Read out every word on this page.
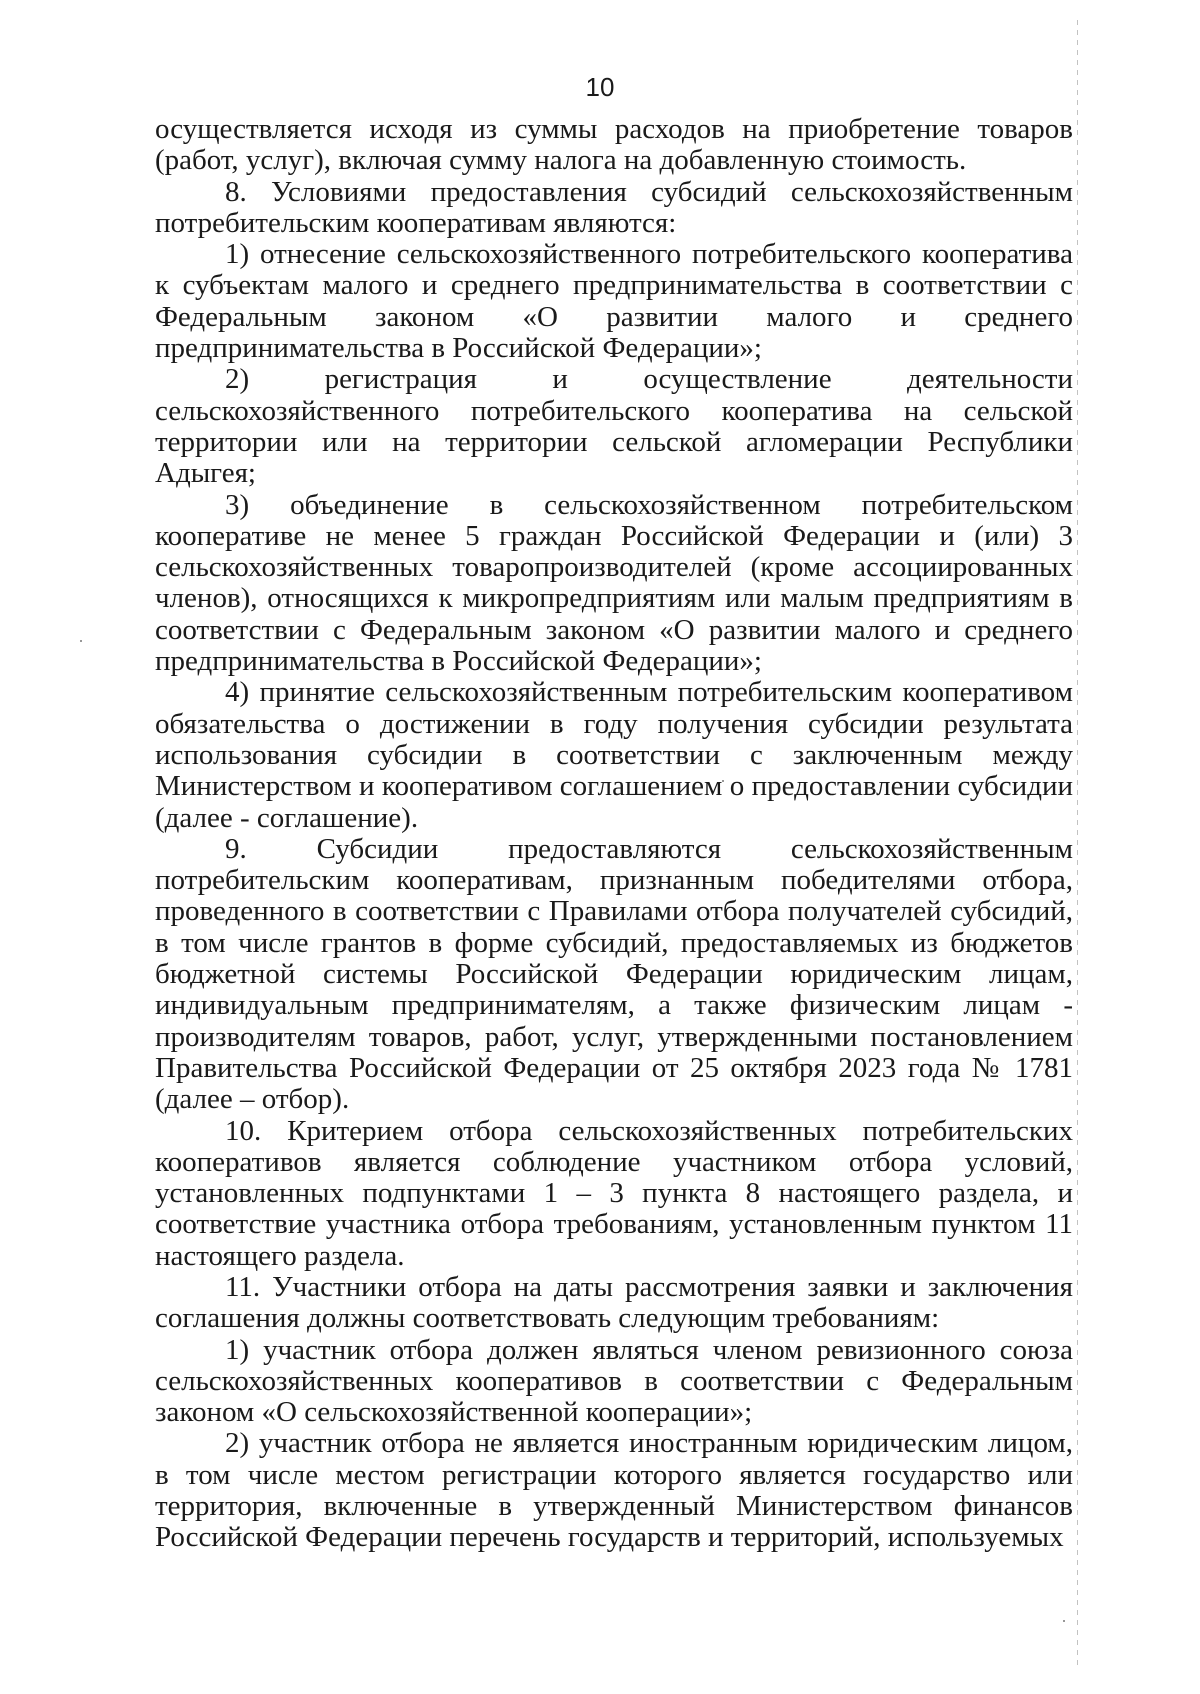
10

осуществляется исходя из суммы расходов на приобретение товаров (работ, услуг), включая сумму налога на добавленную стоимость.

8. Условиями предоставления субсидий сельскохозяйственным потребительским кооперативам являются:

1) отнесение сельскохозяйственного потребительского кооператива к субъектам малого и среднего предпринимательства в соответствии с Федеральным законом «О развитии малого и среднего предпринимательства в Российской Федерации»;

2) регистрация и осуществление деятельности сельскохозяйственного потребительского кооператива на сельской территории или на территории сельской агломерации Республики Адыгея;

3) объединение в сельскохозяйственном потребительском кооперативе не менее 5 граждан Российской Федерации и (или) 3 сельскохозяйственных товаропроизводителей (кроме ассоциированных членов), относящихся к микропредприятиям или малым предприятиям в соответствии с Федеральным законом «О развитии малого и среднего предпринимательства в Российской Федерации»;

4) принятие сельскохозяйственным потребительским кооперативом обязательства о достижении в году получения субсидии результата использования субсидии в соответствии с заключенным между Министерством и кооперативом соглашением о предоставлении субсидии (далее - соглашение).

9. Субсидии предоставляются сельскохозяйственным потребительским кооперативам, признанным победителями отбора, проведенного в соответствии с Правилами отбора получателей субсидий, в том числе грантов в форме субсидий, предоставляемых из бюджетов бюджетной системы Российской Федерации юридическим лицам, индивидуальным предпринимателям, а также физическим лицам - производителям товаров, работ, услуг, утвержденными постановлением Правительства Российской Федерации от 25 октября 2023 года № 1781 (далее – отбор).

10. Критерием отбора сельскохозяйственных потребительских кооперативов является соблюдение участником отбора условий, установленных подпунктами 1 – 3 пункта 8 настоящего раздела, и соответствие участника отбора требованиям, установленным пунктом 11 настоящего раздела.

11. Участники отбора на даты рассмотрения заявки и заключения соглашения должны соответствовать следующим требованиям:

1) участник отбора должен являться членом ревизионного союза сельскохозяйственных кооперативов в соответствии с Федеральным законом «О сельскохозяйственной кооперации»;

2) участник отбора не является иностранным юридическим лицом, в том числе местом регистрации которого является государство или территория, включенные в утвержденный Министерством финансов Российской Федерации перечень государств и территорий, используемых
